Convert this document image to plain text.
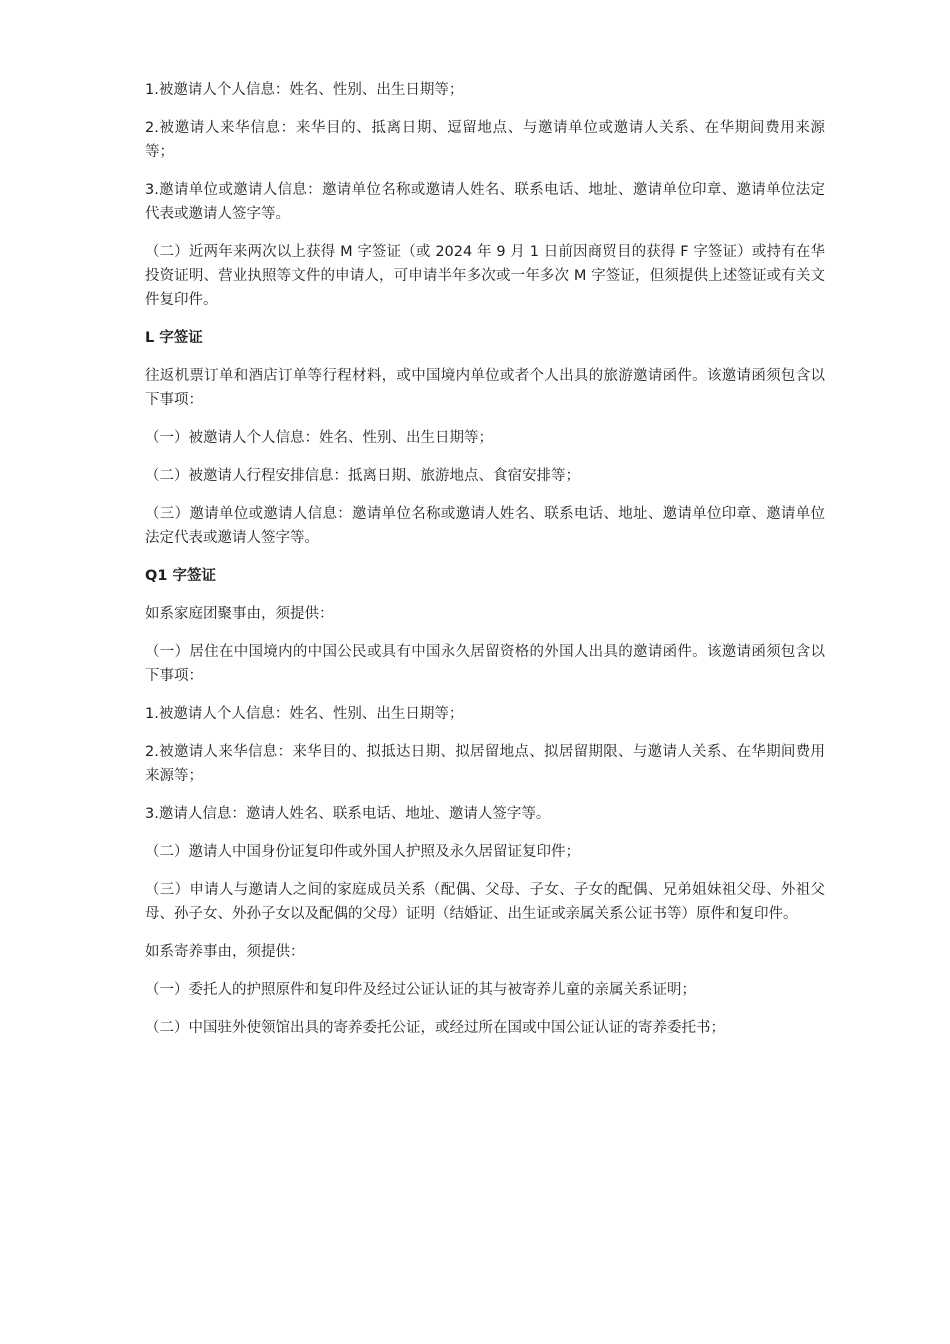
1.被邀请人个人信息：姓名、性别、出生日期等；

2.被邀请人来华信息：来华目的、抵离日期、逗留地点、与邀请单位或邀请人关系、在华期间费用来源等；

3.邀请单位或邀请人信息：邀请单位名称或邀请人姓名、联系电话、地址、邀请单位印章、邀请单位法定代表或邀请人签字等。

（二）近两年来两次以上获得 M 字签证（或 2024 年 9 月 1 日前因商贸目的获得 F 字签证）或持有在华投资证明、营业执照等文件的申请人，可申请半年多次或一年多次 M 字签证，但须提供上述签证或有关文件复印件。

L 字签证

往返机票订单和酒店订单等行程材料，或中国境内单位或者个人出具的旅游邀请函件。该邀请函须包含以下事项：

（一）被邀请人个人信息：姓名、性别、出生日期等；

（二）被邀请人行程安排信息：抵离日期、旅游地点、食宿安排等；

（三）邀请单位或邀请人信息：邀请单位名称或邀请人姓名、联系电话、地址、邀请单位印章、邀请单位法定代表或邀请人签字等。

Q1 字签证

如系家庭团聚事由，须提供：

（一）居住在中国境内的中国公民或具有中国永久居留资格的外国人出具的邀请函件。该邀请函须包含以下事项：

1.被邀请人个人信息：姓名、性别、出生日期等；

2.被邀请人来华信息：来华目的、拟抵达日期、拟居留地点、拟居留期限、与邀请人关系、在华期间费用来源等；

3.邀请人信息：邀请人姓名、联系电话、地址、邀请人签字等。

（二）邀请人中国身份证复印件或外国人护照及永久居留证复印件；

（三）申请人与邀请人之间的家庭成员关系（配偶、父母、子女、子女的配偶、兄弟姐妹祖父母、外祖父母、孙子女、外孙子女以及配偶的父母）证明（结婚证、出生证或亲属关系公证书等）原件和复印件。

如系寄养事由，须提供：

（一）委托人的护照原件和复印件及经过公证认证的其与被寄养儿童的亲属关系证明；

（二）中国驻外使领馆出具的寄养委托公证，或经过所在国或中国公证认证的寄养委托书；
